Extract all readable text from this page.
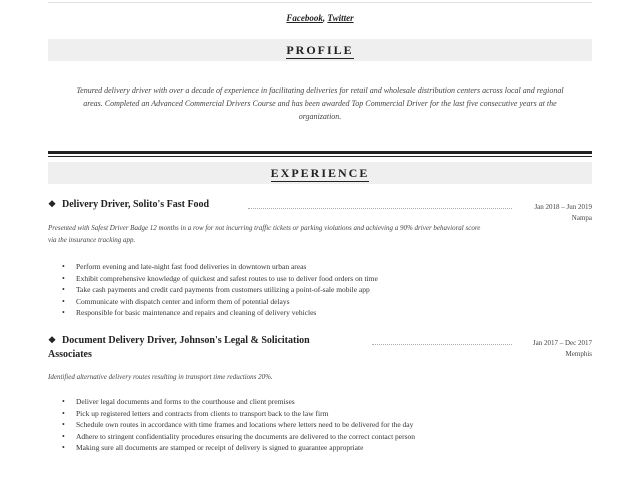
Facebook, Twitter
PROFILE
Tenured delivery driver with over a decade of experience in facilitating deliveries for retail and wholesale distribution centers across local and regional areas. Completed an Advanced Commercial Drivers Course and has been awarded Top Commercial Driver for the last five consecutive years at the organization.
EXPERIENCE
❖ Delivery Driver, Solito's Fast Food	Jan 2018 – Jun 2019
Nampa
Presented with Safest Driver Badge 12 months in a row for not incurring traffic tickets or parking violations and achieving a 90% driver behavioral score via the insurance tracking app.
• Perform evening and late-night fast food deliveries in downtown urban areas
• Exhibit comprehensive knowledge of quickest and safest routes to use to deliver food orders on time
• Take cash payments and credit card payments from customers utilizing a point-of-sale mobile app
• Communicate with dispatch center and inform them of potential delays
• Responsible for basic maintenance and repairs and cleaning of delivery vehicles
❖ Document Delivery Driver, Johnson's Legal & Solicitation
Associates
Jan 2017 – Dec 2017
Memphis
Identified alternative delivery routes resulting in transport time reductions 20%.
• Deliver legal documents and forms to the courthouse and client premises
• Pick up registered letters and contracts from clients to transport back to the law firm
• Schedule own routes in accordance with time frames and locations where letters need to be delivered for the day
• Adhere to stringent confidentiality procedures ensuring the documents are delivered to the correct contact person
• Making sure all documents are stamped or receipt of delivery is signed to guarantee appropriate
